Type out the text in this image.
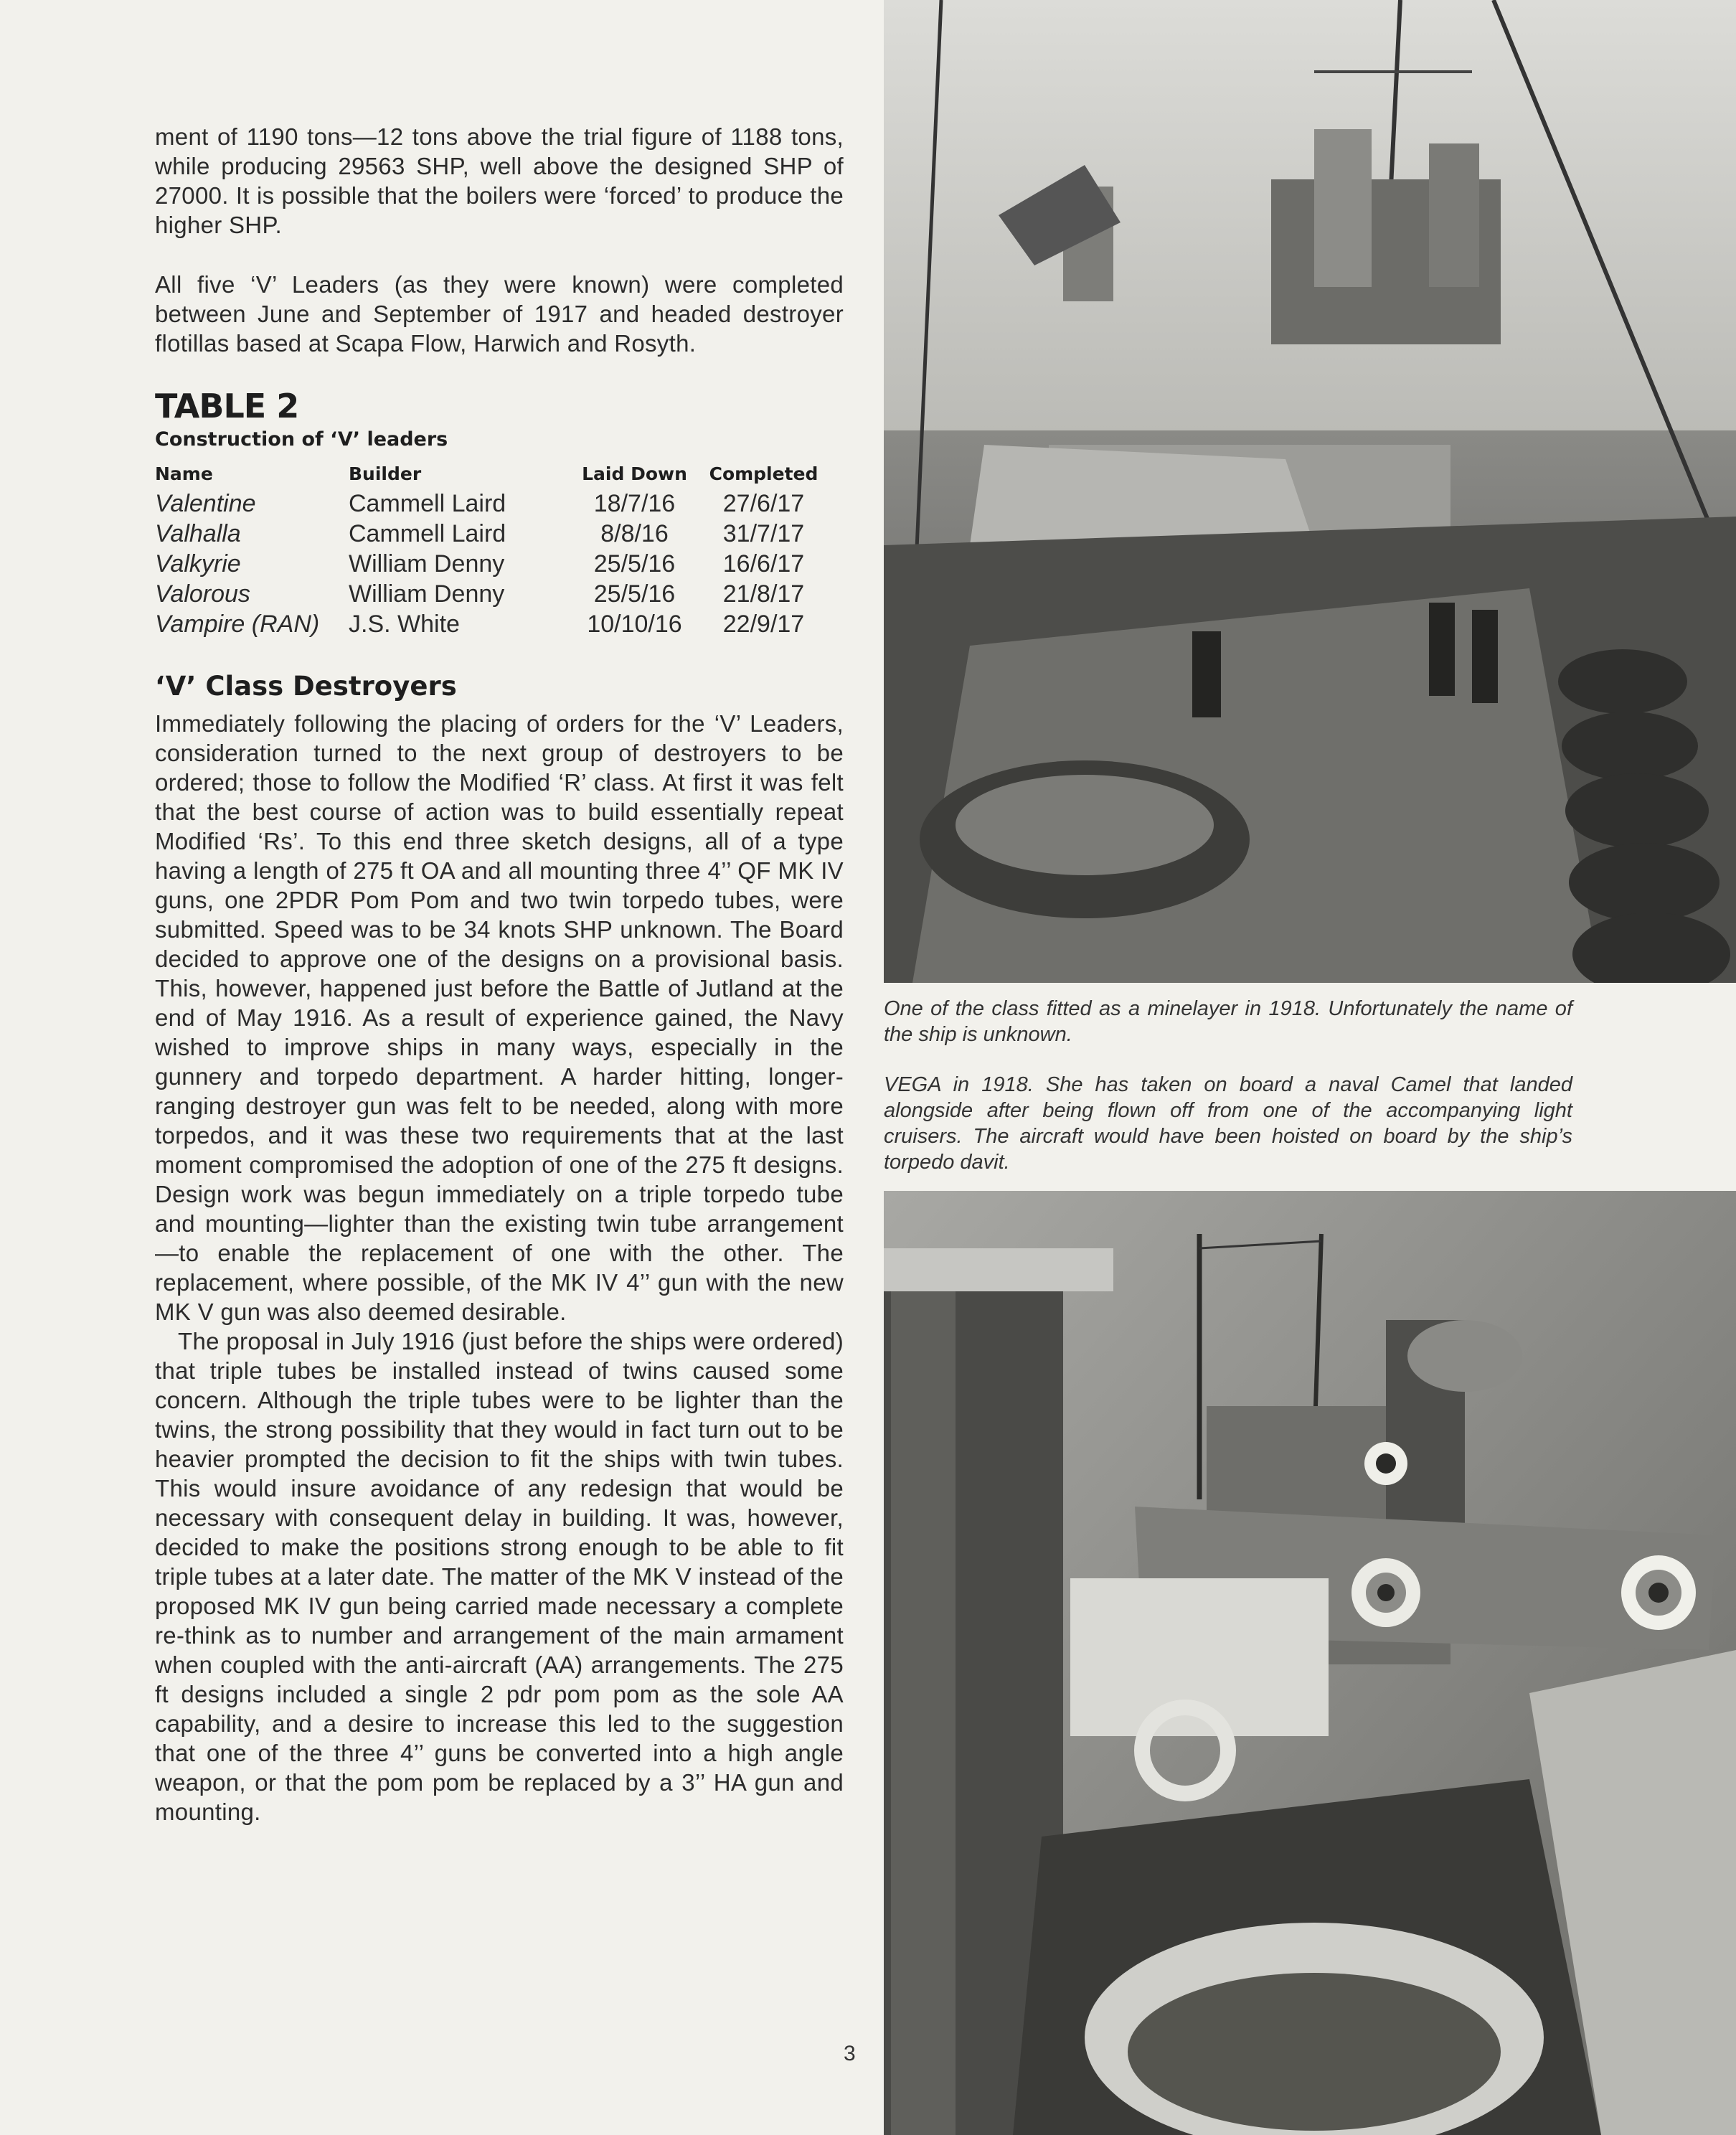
ment of 1190 tons—12 tons above the trial figure of 1188 tons, while producing 29563 SHP, well above the designed SHP of 27000. It is possible that the boilers were ‘forced’ to produce the higher SHP.

All five ‘V’ Leaders (as they were known) were completed between June and September of 1917 and headed destroyer flotillas based at Scapa Flow, Harwich and Rosyth.

TABLE 2
Construction of ‘V’ leaders
Name	Builder	Laid Down	Completed
Valentine	Cammell Laird	18/7/16	27/6/17
Valhalla	Cammell Laird	8/8/16	31/7/17
Valkyrie	William Denny	25/5/16	16/6/17
Valorous	William Denny	25/5/16	21/8/17
Vampire (RAN)	J.S. White	10/10/16	22/9/17
‘V’ Class Destroyers

Immediately following the placing of orders for the ‘V’ Leaders, consideration turned to the next group of destroyers to be ordered; those to follow the Modified ‘R’ class. At first it was felt that the best course of action was to build essentially repeat Modified ‘Rs’. To this end three sketch designs, all of a type having a length of 275 ft OA and all mounting three 4’’ QF MK IV guns, one 2PDR Pom Pom and two twin torpedo tubes, were submitted. Speed was to be 34 knots SHP unknown. The Board decided to approve one of the designs on a provisional basis. This, however, happened just before the Battle of Jutland at the end of May 1916. As a result of experience gained, the Navy wished to improve ships in many ways, especially in the gunnery and torpedo department. A harder hitting, longer-ranging destroyer gun was felt to be needed, along with more torpedos, and it was these two requirements that at the last moment compromised the adoption of one of the 275 ft designs. Design work was begun immediately on a triple torpedo tube and mounting—lighter than the existing twin tube arrangement—to enable the replacement of one with the other. The replacement, where possible, of the MK IV 4’’ gun with the new MK V gun was also deemed desirable.

The proposal in July 1916 (just before the ships were ordered) that triple tubes be installed instead of twins caused some concern. Although the triple tubes were to be lighter than the twins, the strong possibility that they would in fact turn out to be heavier prompted the decision to fit the ships with twin tubes. This would insure avoidance of any redesign that would be necessary with consequent delay in building. It was, however, decided to make the positions strong enough to be able to fit triple tubes at a later date. The matter of the MK V instead of the proposed MK IV gun being carried made necessary a complete re-think as to number and arrangement of the main armament when coupled with the anti-aircraft (AA) arrangements. The 275 ft designs included a single 2 pdr pom pom as the sole AA capability, and a desire to increase this led to the suggestion that one of the three 4’’ guns be converted into a high angle weapon, or that the pom pom be replaced by a 3’’ HA gun and mounting.

One of the class fitted as a minelayer in 1918. Unfortunately the name of the ship is unknown.

VEGA in 1918. She has taken on board a naval Camel that landed alongside after being flown off from one of the accompanying light cruisers. The aircraft would have been hoisted on board by the ship’s torpedo davit.

3
